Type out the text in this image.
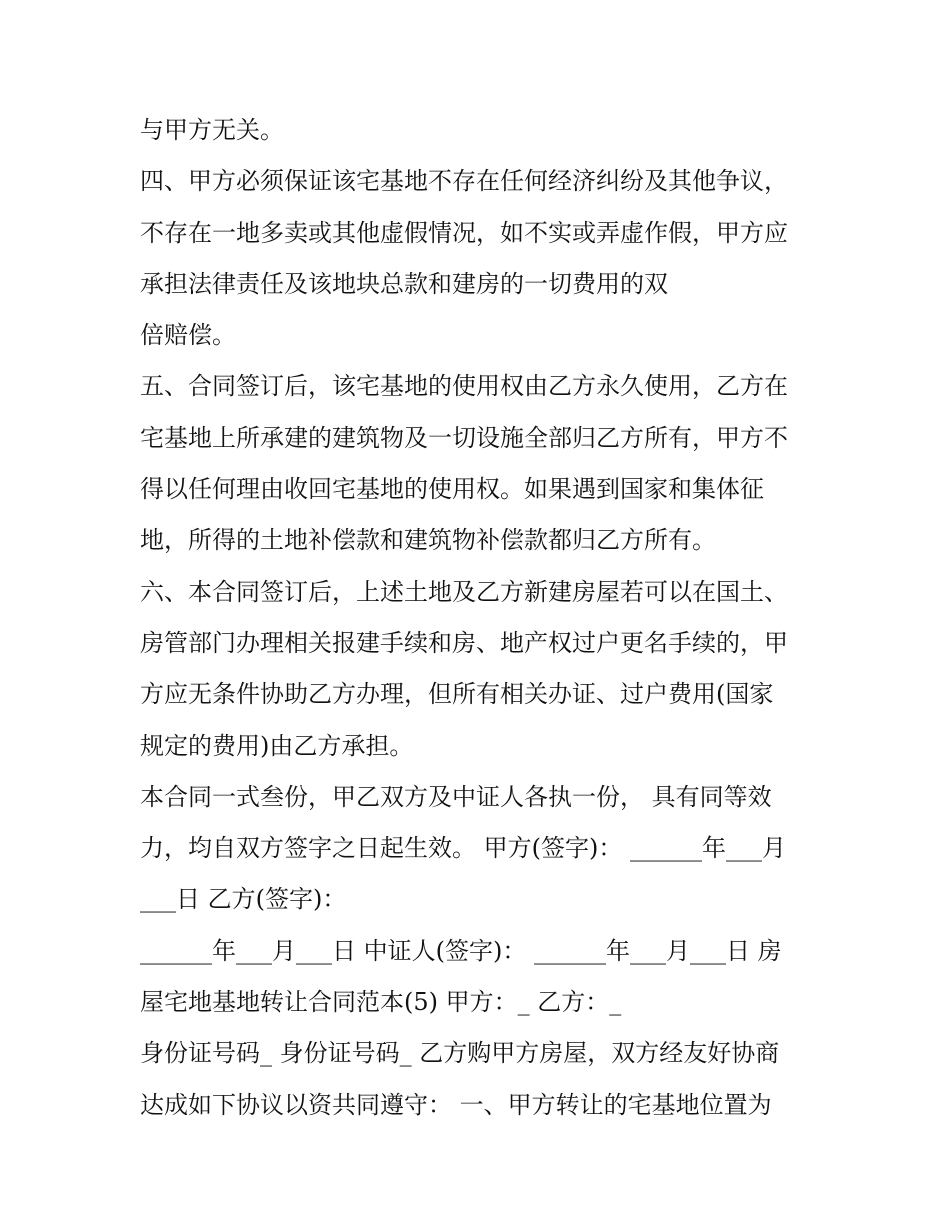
与甲方无关。
四、甲方必须保证该宅基地不存在任何经济纠纷及其他争议，
不存在一地多卖或其他虚假情况，如不实或弄虚作假，甲方应
承担法律责任及该地块总款和建房的一切费用的双
倍赔偿。
五、合同签订后，该宅基地的使用权由乙方永久使用，乙方在
宅基地上所承建的建筑物及一切设施全部归乙方所有，甲方不
得以任何理由收回宅基地的使用权。如果遇到国家和集体征
地，所得的土地补偿款和建筑物补偿款都归乙方所有。
六、本合同签订后，上述土地及乙方新建房屋若可以在国土、
房管部门办理相关报建手续和房、地产权过户更名手续的，甲
方应无条件协助乙方办理，但所有相关办证、过户费用(国家
规定的费用)由乙方承担。
本合同一式叁份，甲乙双方及中证人各执一份， 具有同等效
力，均自双方签字之日起生效。 甲方(签字)： ______年___月
___日 乙方(签字)：
______年___月___日 中证人(签字)： ______年___月___日 房
屋宅地基地转让合同范本(5) 甲方：_ 乙方：_
身份证号码_ 身份证号码_ 乙方购甲方房屋，双方经友好协商
达成如下协议以资共同遵守： 一、甲方转让的宅基地位置为
